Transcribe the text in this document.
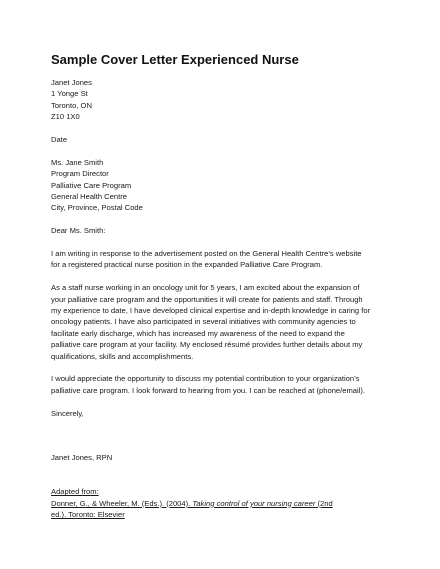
Sample Cover Letter Experienced Nurse
Janet Jones
1 Yonge St
Toronto, ON
Z10 1X0
Date
Ms. Jane Smith
Program Director
Palliative Care Program
General Health Centre
City, Province, Postal Code
Dear Ms. Smith:
I am writing in response to the advertisement posted on the General Health Centre’s website
for a registered practical nurse position in the expanded Palliative Care Program.
As a staff nurse working in an oncology unit for 5 years, I am excited about the expansion of
your palliative care program and the opportunities it will create for patients and staff. Through
my experience to date, I have developed clinical expertise and in-depth knowledge in caring for
oncology patients. I have also participated in several initiatives with community agencies to
facilitate early discharge, which has increased my awareness of the need to expand the
palliative care program at your facility. My enclosed résumé provides further details about my
qualifications, skills and accomplishments.
I would appreciate the opportunity to discuss my potential contribution to your organization’s
palliative care program. I look forward to hearing from you. I can be reached at (phone/email).
Sincerely,
Janet Jones, RPN
Adapted from:
Donner, G., & Wheeler, M. (Eds.). (2004). Taking control of your nursing career (2nd
ed.). Toronto: Elsevier
